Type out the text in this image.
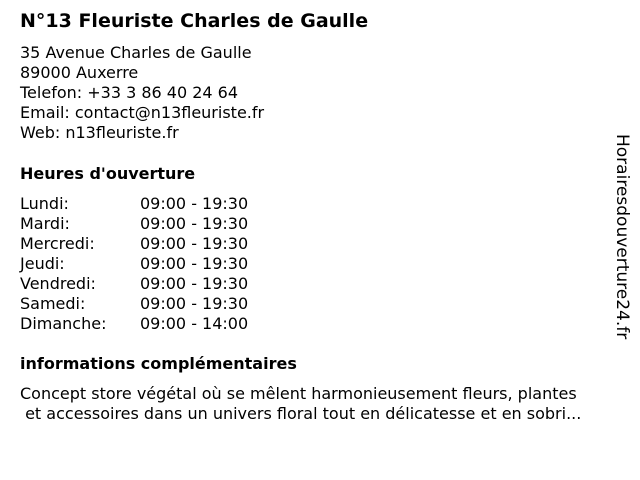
N°13 Fleuriste Charles de Gaulle
35 Avenue Charles de Gaulle
89000 Auxerre
Telefon: +33 3 86 40 24 64
Email: contact@n13fleuriste.fr
Web: n13fleuriste.fr
Heures d'ouverture
Lundi:	09:00 - 19:30
Mardi:	09:00 - 19:30
Mercredi:	09:00 - 19:30
Jeudi:	09:00 - 19:30
Vendredi:	09:00 - 19:30
Samedi:	09:00 - 19:30
Dimanche: 09:00 - 14:00
informations complémentaires
Concept store végétal où se mêlent harmonieusement fleurs, plantes
et accessoires dans un univers floral tout en délicatesse et en sobri...
Horairesdouverture24.fr
